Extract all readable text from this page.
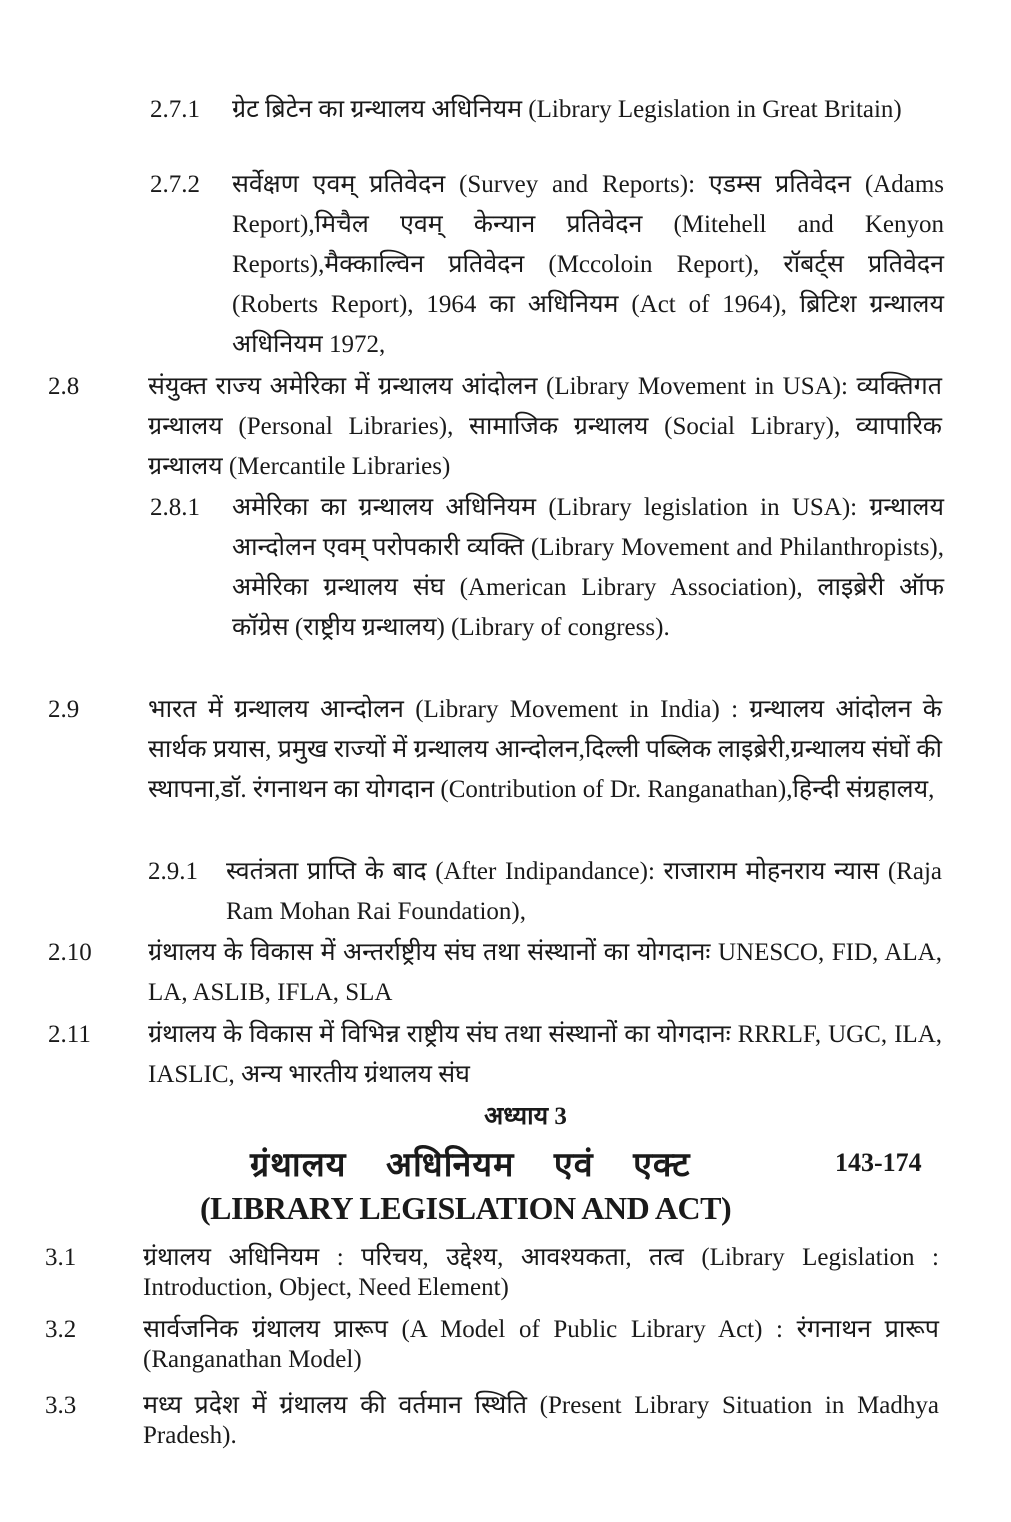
2.7.1 ग्रेट ब्रिटेन का ग्रन्थालय अधिनियम (Library Legislation in Great Britain)
2.7.2 सर्वेक्षण एवम् प्रतिवेदन (Survey and Reports): एडम्स प्रतिवेदन (Adams Report),मिचैल एवम् केन्यान प्रतिवेदन (Mitehell and Kenyon Reports),मैक्काल्विन प्रतिवेदन (Mccoloin Report), रॉबर्ट्स प्रतिवेदन (Roberts Report), 1964 का अधिनियम (Act of 1964), ब्रिटिश ग्रन्थालय अधिनियम 1972,
2.8	संयुक्त राज्य अमेरिका में ग्रन्थालय आंदोलन (Library Movement in USA): व्यक्तिगत ग्रन्थालय (Personal Libraries), सामाजिक ग्रन्थालय (Social Library), व्यापारिक ग्रन्थालय (Mercantile Libraries)
2.8.1 अमेरिका का ग्रन्थालय अधिनियम (Library legislation in USA): ग्रन्थालय आन्दोलन एवम् परोपकारी व्यक्ति (Library Movement and Philanthropists), अमेरिका ग्रन्थालय संघ (American Library Association), लाइब्रेरी ऑफ कॉग्रेस (राष्ट्रीय ग्रन्थालय) (Library of congress).
2.9	भारत में ग्रन्थालय आन्दोलन (Library Movement in India) : ग्रन्थालय आंदोलन के सार्थक प्रयास, प्रमुख राज्यों में ग्रन्थालय आन्दोलन,दिल्ली पब्लिक लाइब्रेरी,ग्रन्थालय संघों की स्थापना,डॉ. रंगनाथन का योगदान (Contribution of Dr. Ranganathan),हिन्दी संग्रहालय,
2.9.1 स्वतंत्रता प्राप्ति के बाद (After Indipandance): राजाराम मोहनराय न्यास (Raja Ram Mohan Rai Foundation),
2.10 ग्रंथालय के विकास में अन्तर्राष्ट्रीय संघ तथा संस्थानों का योगदानः UNESCO, FID, ALA, LA, ASLIB, IFLA, SLA
2.11 ग्रंथालय के विकास में विभिन्न राष्ट्रीय संघ तथा संस्थानों का योगदानः RRRLF, UGC, ILA, IASLIC, अन्य भारतीय ग्रंथालय संघ
अध्याय 3
ग्रंथालय अधिनियम एवं एक्ट	143-174
(LIBRARY LEGISLATION AND ACT)
3.1	ग्रंथालय अधिनियम : परिचय, उद्देश्य, आवश्यकता, तत्व (Library Legislation : Introduction, Object, Need Element)
3.2	सार्वजनिक ग्रंथालय प्रारूप (A Model of Public Library Act) : रंगनाथन प्रारूप (Ranganathan Model)
3.3	मध्य प्रदेश में ग्रंथालय की वर्तमान स्थिति (Present Library Situation in Madhya Pradesh).
